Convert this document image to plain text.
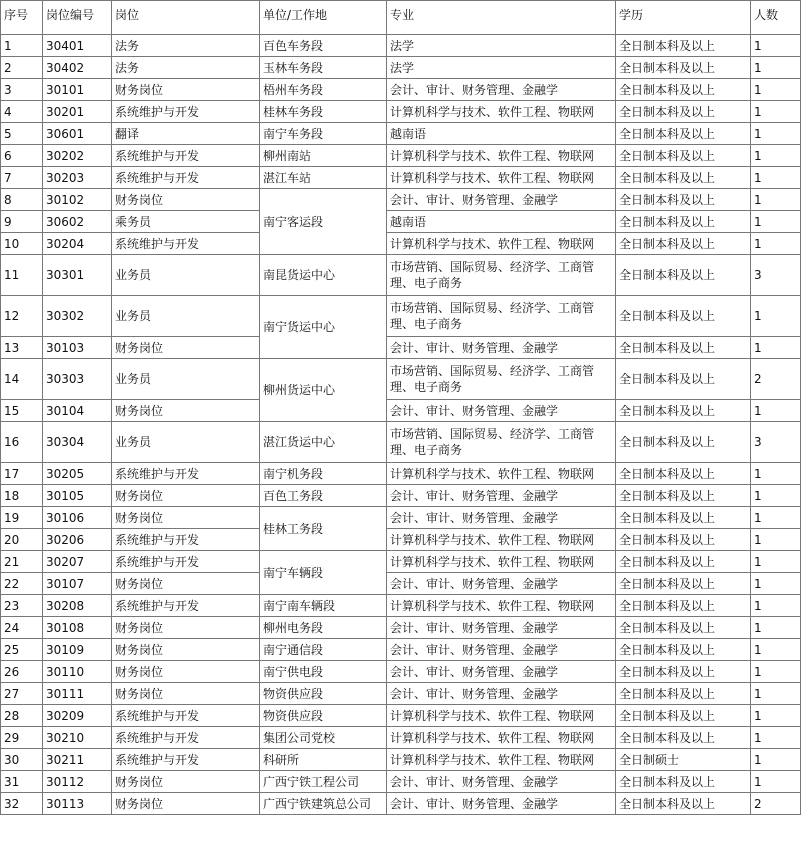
序号	岗位编号	岗位	单位/工作地	专业	学历	人数
1	30401	法务	百色车务段	法学	全日制本科及以上	1
2	30402	法务	玉林车务段	法学	全日制本科及以上	1
3	30101	财务岗位	梧州车务段	会计、审计、财务管理、金融学	全日制本科及以上	1
4	30201	系统维护与开发	桂林车务段	计算机科学与技术、软件工程、物联网	全日制本科及以上	1
5	30601	翻译	南宁车务段	越南语	全日制本科及以上	1
6	30202	系统维护与开发	柳州南站	计算机科学与技术、软件工程、物联网	全日制本科及以上	1
7	30203	系统维护与开发	湛江车站	计算机科学与技术、软件工程、物联网	全日制本科及以上	1
8	30102	财务岗位	南宁客运段	会计、审计、财务管理、金融学	全日制本科及以上	1
9	30602	乘务员		越南语	全日制本科及以上	1
10	30204	系统维护与开发		计算机科学与技术、软件工程、物联网	全日制本科及以上	1
11	30301	业务员	南昆货运中心	市场营销、国际贸易、经济学、工商管理、电子商务	全日制本科及以上	3
12	30302	业务员	南宁货运中心	市场营销、国际贸易、经济学、工商管理、电子商务	全日制本科及以上	1
13	30103	财务岗位		会计、审计、财务管理、金融学	全日制本科及以上	1
14	30303	业务员	柳州货运中心	市场营销、国际贸易、经济学、工商管理、电子商务	全日制本科及以上	2
15	30104	财务岗位		会计、审计、财务管理、金融学	全日制本科及以上	1
16	30304	业务员	湛江货运中心	市场营销、国际贸易、经济学、工商管理、电子商务	全日制本科及以上	3
17	30205	系统维护与开发	南宁机务段	计算机科学与技术、软件工程、物联网	全日制本科及以上	1
18	30105	财务岗位	百色工务段	会计、审计、财务管理、金融学	全日制本科及以上	1
19	30106	财务岗位	桂林工务段	会计、审计、财务管理、金融学	全日制本科及以上	1
20	30206	系统维护与开发		计算机科学与技术、软件工程、物联网	全日制本科及以上	1
21	30207	系统维护与开发	南宁车辆段	计算机科学与技术、软件工程、物联网	全日制本科及以上	1
22	30107	财务岗位		会计、审计、财务管理、金融学	全日制本科及以上	1
23	30208	系统维护与开发	南宁南车辆段	计算机科学与技术、软件工程、物联网	全日制本科及以上	1
24	30108	财务岗位	柳州电务段	会计、审计、财务管理、金融学	全日制本科及以上	1
25	30109	财务岗位	南宁通信段	会计、审计、财务管理、金融学	全日制本科及以上	1
26	30110	财务岗位	南宁供电段	会计、审计、财务管理、金融学	全日制本科及以上	1
27	30111	财务岗位	物资供应段	会计、审计、财务管理、金融学	全日制本科及以上	1
28	30209	系统维护与开发	物资供应段	计算机科学与技术、软件工程、物联网	全日制本科及以上	1
29	30210	系统维护与开发	集团公司党校	计算机科学与技术、软件工程、物联网	全日制本科及以上	1
30	30211	系统维护与开发	科研所	计算机科学与技术、软件工程、物联网	全日制硕士	1
31	30112	财务岗位	广西宁铁工程公司	会计、审计、财务管理、金融学	全日制本科及以上	1
32	30113	财务岗位	广西宁铁建筑总公司	会计、审计、财务管理、金融学	全日制本科及以上	2
